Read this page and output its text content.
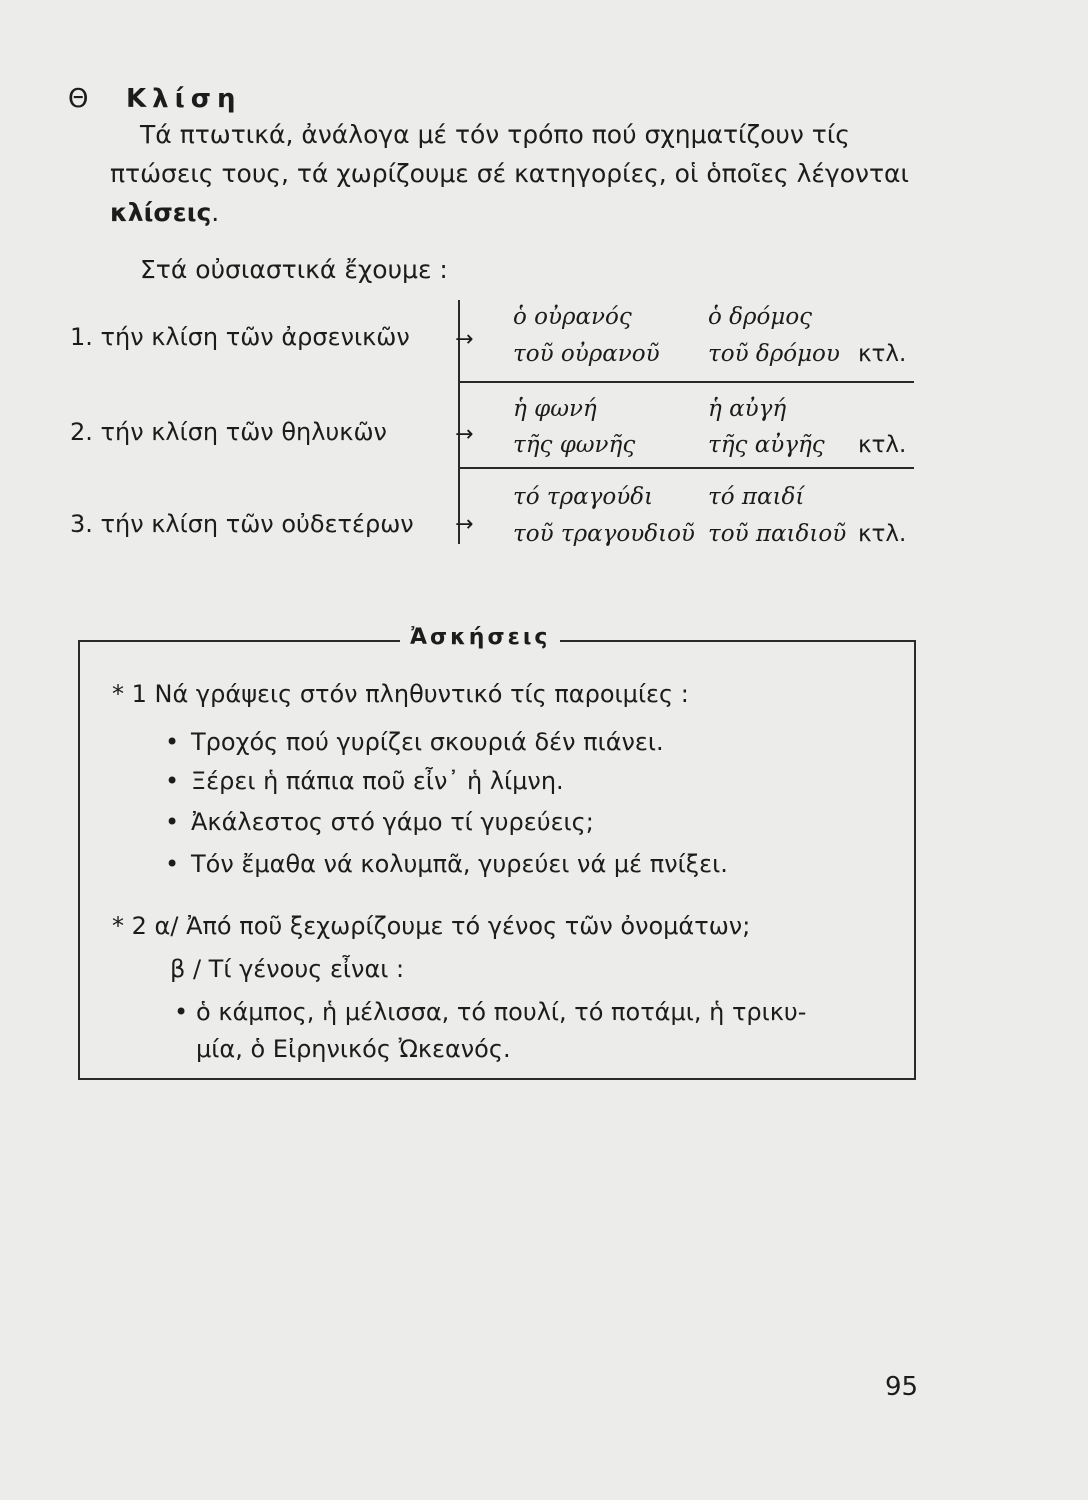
Θ Κλίση
Τά πτωτικά, ἀνάλογα μέ τόν τρόπο πού σχηματίζουν τίς πτώσεις τους, τά χωρίζουμε σέ κατηγορίες, οἱ ὁποῖες λέγονται κλίσεις.
Στά οὐσιαστικά ἔχουμε :
1. τήν κλίση τῶν ἀρσενικῶν →
ὁ οὐρανός
τοῦ οὐρανοῦ
ὁ δρόμος
τοῦ δρόμου κτλ.
2. τήν κλίση τῶν θηλυκῶν	→
ἡ φωνή
τῆς φωνῆς
ἡ αὐγή
τῆς αὐγῆς κτλ.
3. τήν κλίση τῶν οὐδετέρων →
τό τραγούδι
τοῦ τραγουδιοῦ
τό παιδί
τοῦ παιδιοῦ κτλ.
Ἀσκήσεις
* 1 Νά γράψεις στόν πληθυντικό τίς παροιμίες :
• Τροχός πού γυρίζει σκουριά δέν πιάνει.
• Ξέρει ἡ πάπια ποῦ εἶν᾽ ἡ λίμνη.
• Ἀκάλεστος στό γάμο τί γυρεύεις;
• Τόν ἔμαθα νά κολυμπᾶ, γυρεύει νά μέ πνίξει.
* 2 α/ Ἀπό ποῦ ξεχωρίζουμε τό γένος τῶν ὀνομάτων;
β / Τί γένους εἶναι :
• ὁ κάμπος, ἡ μέλισσα, τό πουλί, τό ποτάμι, ἡ τρικυ-
μία, ὁ Εἰρηνικός Ὠκεανός.
95
